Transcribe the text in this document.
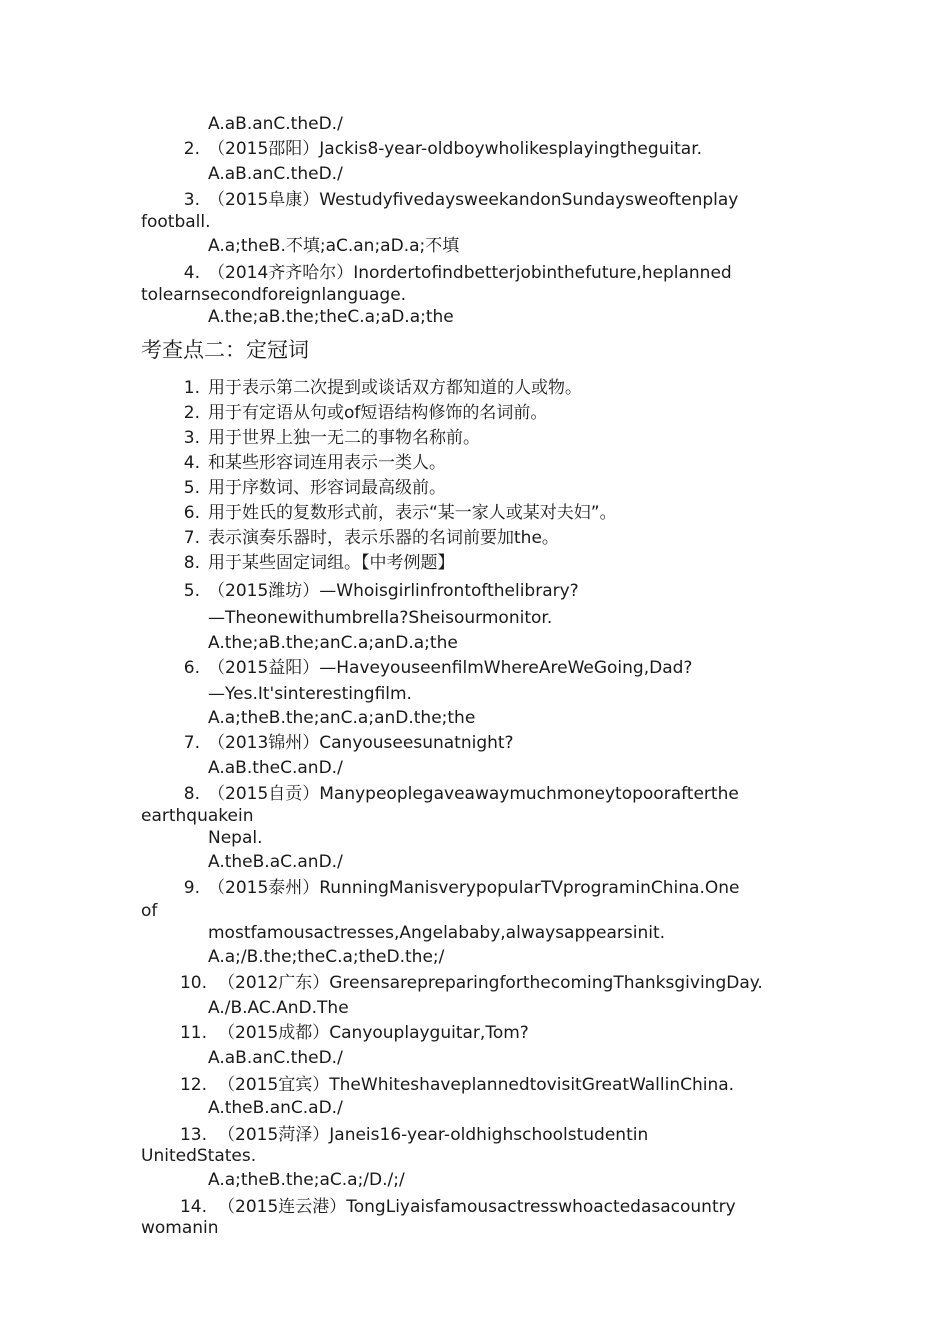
A.aB.anC.theD./
2. （2015邵阳）Jackis8-year-oldboywholikesplayingtheguitar.
A.aB.anC.theD./
3. （2015阜康）WestudyfivedaysweekandonSundaysweoftenplay
football.
A.a;theB.不填;aC.an;aD.a;不填
4. （2014齐齐哈尔）Inordertofindbetterjobinthefuture,heplanned
tolearnsecondforeignlanguage.
A.the;aB.the;theC.a;aD.a;the
考查点二：定冠词
1. 用于表示第二次提到或谈话双方都知道的人或物。
2. 用于有定语从句或of短语结构修饰的名词前。
3. 用于世界上独一无二的事物名称前。
4. 和某些形容词连用表示一类人。
5. 用于序数词、形容词最高级前。
6. 用于姓氏的复数形式前，表示“某一家人或某对夫妇”。
7. 表示演奏乐器时，表示乐器的名词前要加the。
8. 用于某些固定词组。【中考例题】
5. （2015潍坊）—Whoisgirlinfrontofthelibrary?
—Theonewithumbrella?Sheisourmonitor.
A.the;aB.the;anC.a;anD.a;the
6. （2015益阳）—HaveyouseenfilmWhereAreWeGoing,Dad?
—Yes.It'sinterestingfilm.
A.a;theB.the;anC.a;anD.the;the
7. （2013锦州）Canyouseesunatnight?
A.aB.theC.anD./
8. （2015自贡）Manypeoplegaveawaymuchmoneytopoorafterthe
earthquakein
Nepal.
A.theB.aC.anD./
9. （2015泰州）RunningManisverypopularTVprograminChina.One
of
mostfamousactresses,Angelababy,alwaysappearsinit.
A.a;/B.the;theC.a;theD.the;/
10. （2012广东）GreensarepreparingforthecomingThanksgivingDay.
A./B.AC.AnD.The
11. （2015成都）Canyouplayguitar,Tom?
A.aB.anC.theD./
12. （2015宜宾）TheWhiteshaveplannedtovisitGreatWallinChina.
A.theB.anC.aD./
13. （2015菏泽）Janeis16-year-oldhighschoolstudentin
UnitedStates.
A.a;theB.the;aC.a;/D./;/
14. （2015连云港）TongLiyaisfamousactresswhoactedasacountry
womanin
